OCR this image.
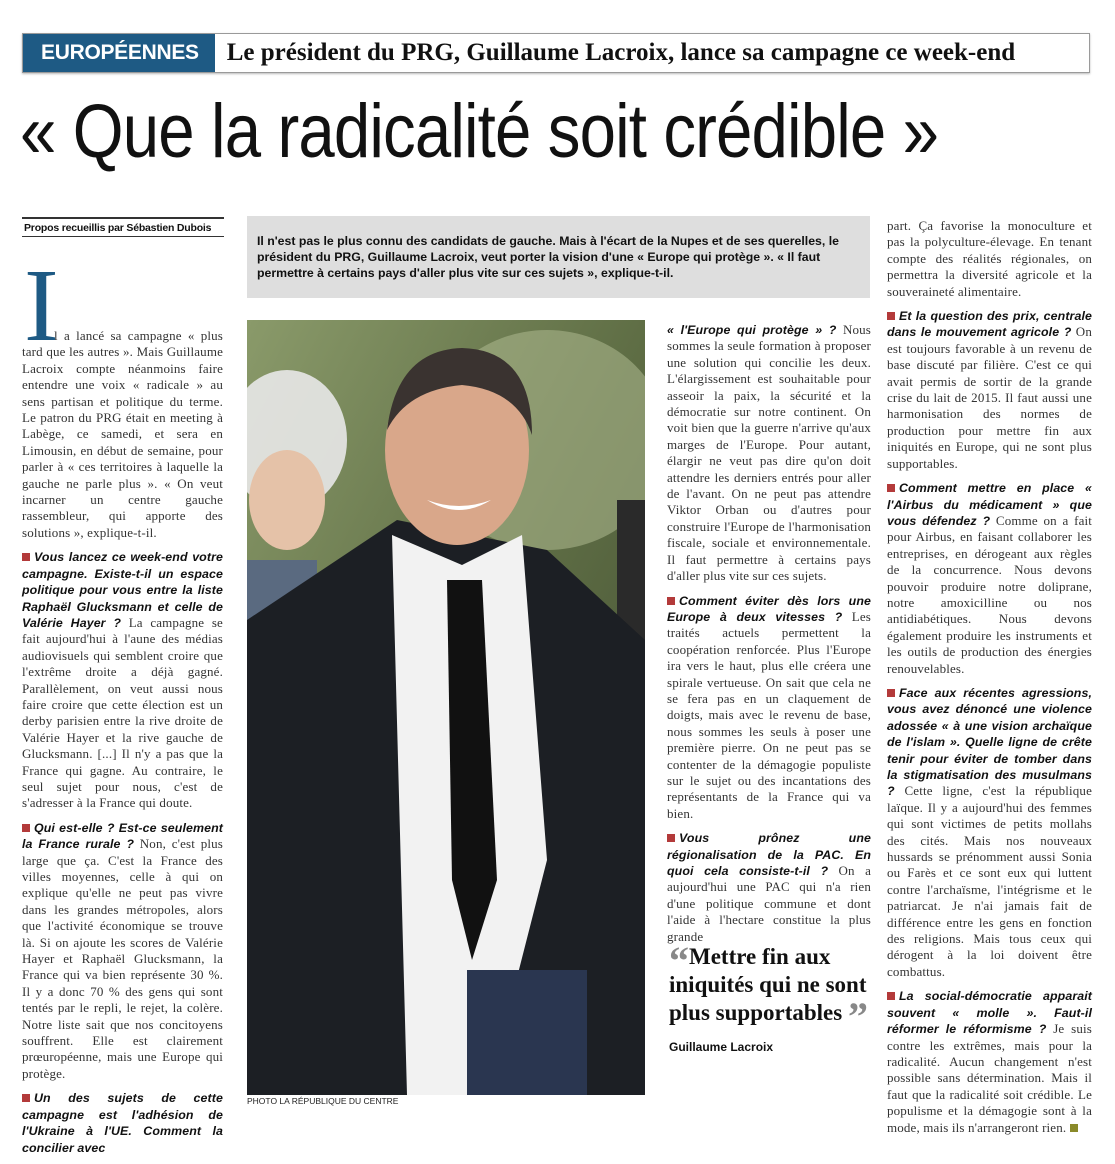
EUROPÉENNES	Le président du PRG, Guillaume Lacroix, lance sa campagne ce week-end
« Que la radicalité soit crédible »
Propos recueillis par Sébastien Dubois

I
l a lancé sa campagne « plus tard que les autres ». Mais Guillaume Lacroix compte néanmoins faire entendre une voix « radicale » au sens partisan et politique du terme. Le patron du PRG était en meeting à Labège, ce samedi, et sera en Limousin, en début de semaine, pour parler à « ces territoires à laquelle la gauche ne parle plus ». « On veut incarner un centre gauche rassembleur, qui apporte des solutions », explique-t-il.

Vous lancez ce week-end votre campagne. Existe-t-il un espace politique pour vous entre la liste Raphaël Glucksmann et celle de Valérie Hayer ? La campagne se fait aujourd'hui à l'aune des médias audiovisuels qui semblent croire que l'extrême droite a déjà gagné. Parallèlement, on veut aussi nous faire croire que cette élection est un derby parisien entre la rive droite de Valérie Hayer et la rive gauche de Glucksmann. [...] Il n'y a pas que la France qui gagne. Au contraire, le seul sujet pour nous, c'est de s'adresser à la France qui doute.

Qui est-elle ? Est-ce seulement la France rurale ? Non, c'est plus large que ça. C'est la France des villes moyennes, celle à qui on explique qu'elle ne peut pas vivre dans les grandes métropoles, alors que l'activité économique se trouve là. Si on ajoute les scores de Valérie Hayer et Raphaël Glucksmann, la France qui va bien représente 30 %. Il y a donc 70 % des gens qui sont tentés par le repli, le rejet, la colère. Notre liste sait que nos concitoyens souffrent. Elle est clairement prœuropéenne, mais une Europe qui protège.

Un des sujets de cette campagne est l'adhésion de l'Ukraine à l'UE. Comment la concilier avec

Il n'est pas le plus connu des candidats de gauche. Mais à l'écart de la Nupes et de ses querelles, le président du PRG, Guillaume Lacroix, veut porter la vision d'une « Europe qui protège ». « Il faut permettre à certains pays d'aller plus vite sur ces sujets », explique-t-il.
PHOTO LA RÉPUBLIQUE DU CENTRE

« l'Europe qui protège » ? Nous sommes la seule formation à proposer une solution qui concilie les deux. L'élargissement est souhaitable pour asseoir la paix, la sécurité et la démocratie sur notre continent. On voit bien que la guerre n'arrive qu'aux marges de l'Europe. Pour autant, élargir ne veut pas dire qu'on doit attendre les derniers entrés pour aller de l'avant. On ne peut pas attendre Viktor Orban ou d'autres pour construire l'Europe de l'harmonisation fiscale, sociale et environnementale. Il faut permettre à certains pays d'aller plus vite sur ces sujets.

Comment éviter dès lors une Europe à deux vitesses ? Les traités actuels permettent la coopération renforcée. Plus l'Europe ira vers le haut, plus elle créera une spirale vertueuse. On sait que cela ne se fera pas en un claquement de doigts, mais avec le revenu de base, nous sommes les seuls à poser une première pierre. On ne peut pas se contenter de la démagogie populiste sur le sujet ou des incantations des représentants de la France qui va bien.

Vous prônez une régionalisation de la PAC. En quoi cela consiste-t-il ? On a aujourd'hui une PAC qui n'a rien d'une politique commune et dont l'aide à l'hectare constitue la plus grande

“Mettre fin aux iniquités qui ne sont plus supportables ”
Guillaume Lacroix

part. Ça favorise la monoculture et pas la polyculture-élevage. En tenant compte des réalités régionales, on permettra la diversité agricole et la souveraineté alimentaire.

Et la question des prix, centrale dans le mouvement agricole ? On est toujours favorable à un revenu de base discuté par filière. C'est ce qui avait permis de sortir de la grande crise du lait de 2015. Il faut aussi une harmonisation des normes de production pour mettre fin aux iniquités en Europe, qui ne sont plus supportables.

Comment mettre en place « l'Airbus du médicament » que vous défendez ? Comme on a fait pour Airbus, en faisant collaborer les entreprises, en dérogeant aux règles de la concurrence. Nous devons pouvoir produire notre doliprane, notre amoxicilline ou nos antidiabétiques. Nous devons également produire les instruments et les outils de production des énergies renouvelables.

Face aux récentes agressions, vous avez dénoncé une violence adossée « à une vision archaïque de l'islam ». Quelle ligne de crête tenir pour éviter de tomber dans la stigmatisation des musulmans ? Cette ligne, c'est la république laïque. Il y a aujourd'hui des femmes qui sont victimes de petits mollahs des cités. Mais nos nouveaux hussards se prénomment aussi Sonia ou Farès et ce sont eux qui luttent contre l'archaïsme, l'intégrisme et le patriarcat. Je n'ai jamais fait de différence entre les gens en fonction des religions. Mais tous ceux qui dérogent à la loi doivent être combattus.

La social-démocratie apparait souvent « molle ». Faut-il réformer le réformisme ? Je suis contre les extrêmes, mais pour la radicalité. Aucun changement n'est possible sans détermination. Mais il faut que la radicalité soit crédible. Le populisme et la démagogie sont à la mode, mais ils n'arrangeront rien.
